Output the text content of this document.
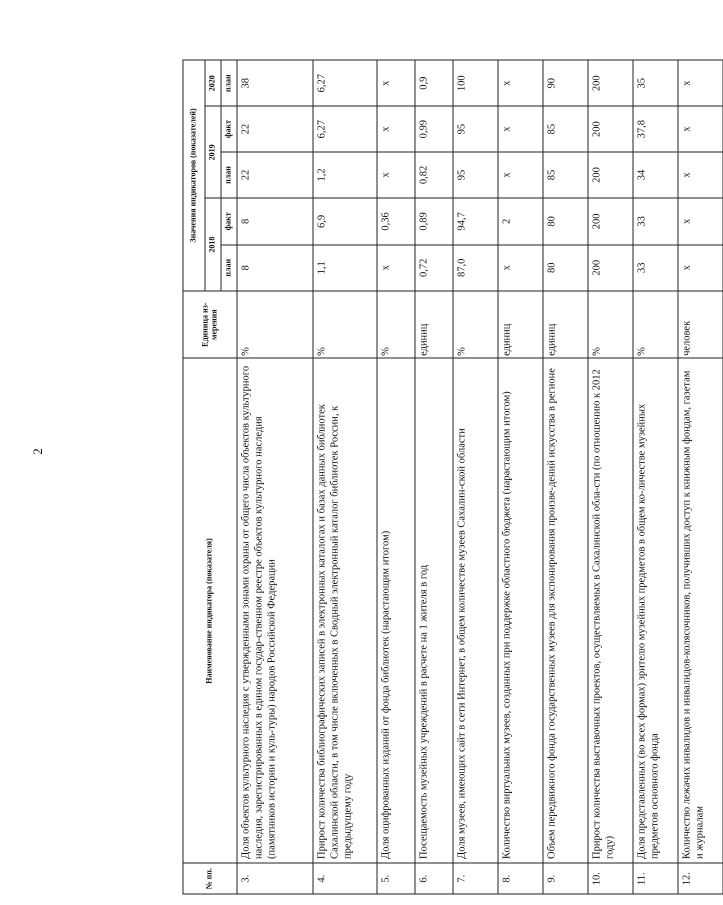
2
№ пп.	Наименование индикатора (показателя)	Единица из-мерения	Значения индикаторов (показателей)				
			2018		2019		2020
			план	факт	план	факт	план
3.	Доля объектов культурного наследия с утвержденными зонами охраны от общего числа объектов культурного наследия, зарегистрированных в едином государ-ственном реестре объектов культурного наследия (памятников истории и куль-туры) народов Российской Федерации	%	8	8	22	22	38
4.	Прирост количества библиографических записей в электронных каталогах и базах данных библиотек Сахалинской области, в том числе включенных в Сводный электронный каталог библиотек России, к предыдущему году	%	1,1	6,9	1,2	6,27	6,27
5.	Доля оцифрованных изданий от фонда библиотек (нарастающим итогом)	%	х	0,36	х	х	х
6.	Посещаемость музейных учреждений в расчете на 1 жителя в год	единиц	0,72	0,89	0,82	0,99	0,9
7.	Доля музеев, имеющих сайт в сети Интернет, в общем количестве музеев Сахалин-ской области	%	87,0	94,7	95	95	100
8.	Количество виртуальных музеев, созданных при поддержке областного бюджета (нарастающим итогом)	единиц	х	2	х	х	х
9.	Объем передвижного фонда государственных музеев для экспонирования произве-дений искусства в регионе	единиц	80	80	85	85	90
10.	Прирост количества выставочных проектов, осуществляемых в Сахалинской обла-сти (по отношению к 2012 году)	%	200	200	200	200	200
11.	Доля представленных (во всех формах) зрителю музейных предметов в общем ко-личестве музейных предметов основного фонда	%	33	33	34	37,8	35
12.	Количество лежачих инвалидов и инвалидов-колясочников, получивших доступ к книжным фондам, газетам и журналам	человек	х	х	х	х	х
